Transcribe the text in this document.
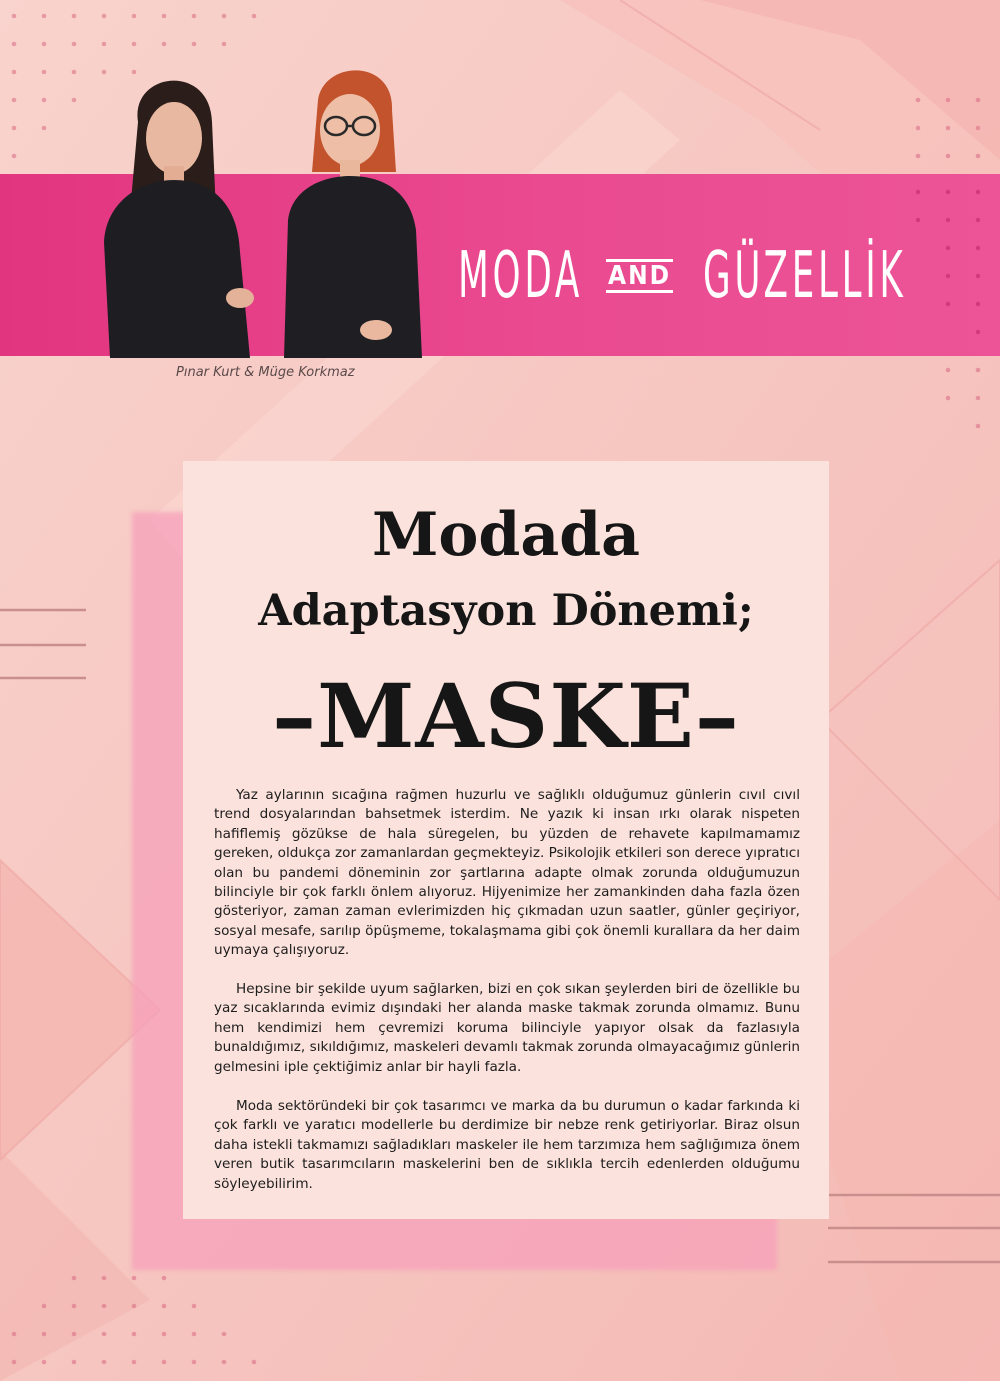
MODA AND GÜZELLİK
Pınar Kurt & Müge Korkmaz
Modada
Adaptasyon Dönemi;
–MASKE–

Yaz aylarının sıcağına rağmen huzurlu ve sağlıklı olduğumuz günlerin cıvıl cıvıl trend dosyalarından bahsetmek isterdim. Ne yazık ki insan ırkı olarak nispeten hafiflemiş gözükse de hala süregelen, bu yüzden de rehavete kapılmamamız gereken, oldukça zor zamanlardan geçmekteyiz. Psikolojik etkileri son derece yıpratıcı olan bu pandemi döneminin zor şartlarına adapte olmak zorunda olduğumuzun bilinciyle bir çok farklı önlem alıyoruz. Hijyenimize her zamankinden daha fazla özen gösteriyor, zaman zaman evlerimizden hiç çıkmadan uzun saatler, günler geçiriyor, sosyal mesafe, sarılıp öpüşmeme, tokalaşmama gibi çok önemli kurallara da her daim uymaya çalışıyoruz.

Hepsine bir şekilde uyum sağlarken, bizi en çok sıkan şeylerden biri de özellikle bu yaz sıcaklarında evimiz dışındaki her alanda maske takmak zorunda olmamız. Bunu hem kendimizi hem çevremizi koruma bilinciyle yapıyor olsak da fazlasıyla bunaldığımız, sıkıldığımız, maskeleri devamlı takmak zorunda olmayacağımız günlerin gelmesini iple çektiğimiz anlar bir hayli fazla.

Moda sektöründeki bir çok tasarımcı ve marka da bu durumun o kadar farkında ki çok farklı ve yaratıcı modellerle bu derdimize bir nebze renk getiriyorlar. Biraz olsun daha istekli takmamızı sağladıkları maskeler ile hem tarzımıza hem sağlığımıza önem veren butik tasarımcıların maskelerini ben de sıklıkla tercih edenlerden olduğumu söyleyebilirim.
